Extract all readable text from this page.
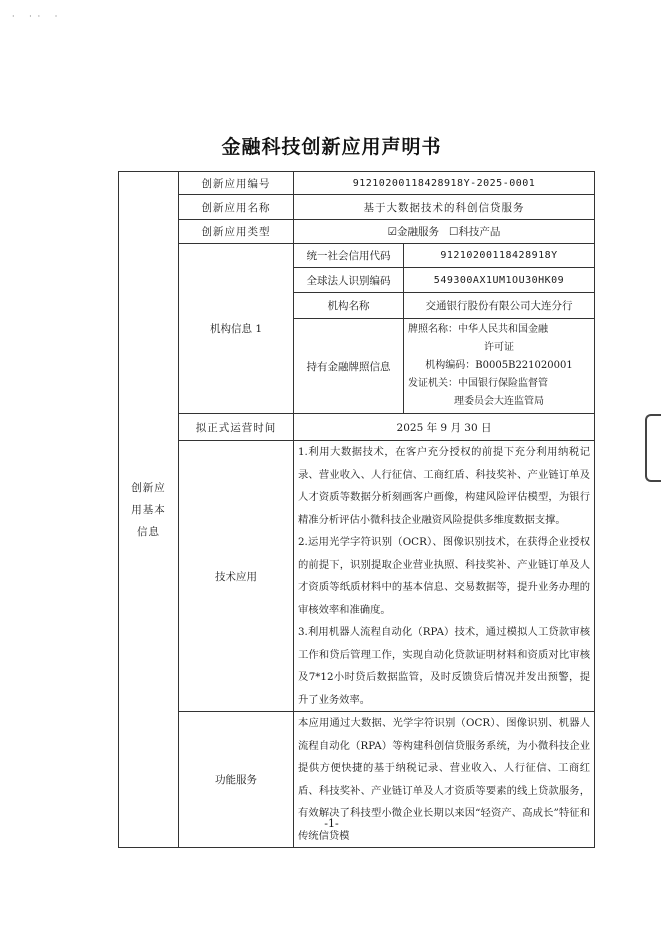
· ·· ·
金融科技创新应用声明书
创新应用基本信息	创新应用编号	91210200118428918Y-2025-0001	
	创新应用名称	基于大数据技术的科创信贷服务	
	创新应用类型	☑金融服务 ☐科技产品	
	机构信息 1	统一社会信用代码	91210200118428918Y
		全球法人识别编码	549300AX1UM1OU30HK09
		机构名称	交通银行股份有限公司大连分行
		持有金融牌照信息	牌照名称：中华人民共和国金融
许可证
机构编码：B0005B221020001
发证机关：中国银行保险监督管
理委员会大连监管局

	拟正式运营时间	2025 年 9 月 30 日	
	技术应用	1.利用大数据技术，在客户充分授权的前提下充分利用纳税记录、营业收入、人行征信、工商红盾、科技奖补、产业链订单及人才资质等数据分析刻画客户画像，构建风险评估模型，为银行精准分析评估小微科技企业融资风险提供多维度数据支撑。

2.运用光学字符识别（OCR）、图像识别技术，在获得企业授权的前提下，识别提取企业营业执照、科技奖补、产业链订单及人才资质等纸质材料中的基本信息、交易数据等，提升业务办理的审核效率和准确度。

3.利用机器人流程自动化（RPA）技术，通过模拟人工贷款审核工作和贷后管理工作，实现自动化贷款证明材料和资质对比审核及7*12小时贷后数据监管，及时反馈贷后情况并发出预警，提升了业务效率。	

	功能服务	本应用通过大数据、光学字符识别（OCR）、图像识别、机器人流程自动化（RPA）等构建科创信贷服务系统，为小微科技企业提供方便快捷的基于纳税记录、营业收入、人行征信、工商红盾、科技奖补、产业链订单及人才资质等要素的线上贷款服务，有效解决了科技型小微企业长期以来因“轻资产、高成长”特征和传统信贷模	

-1-
